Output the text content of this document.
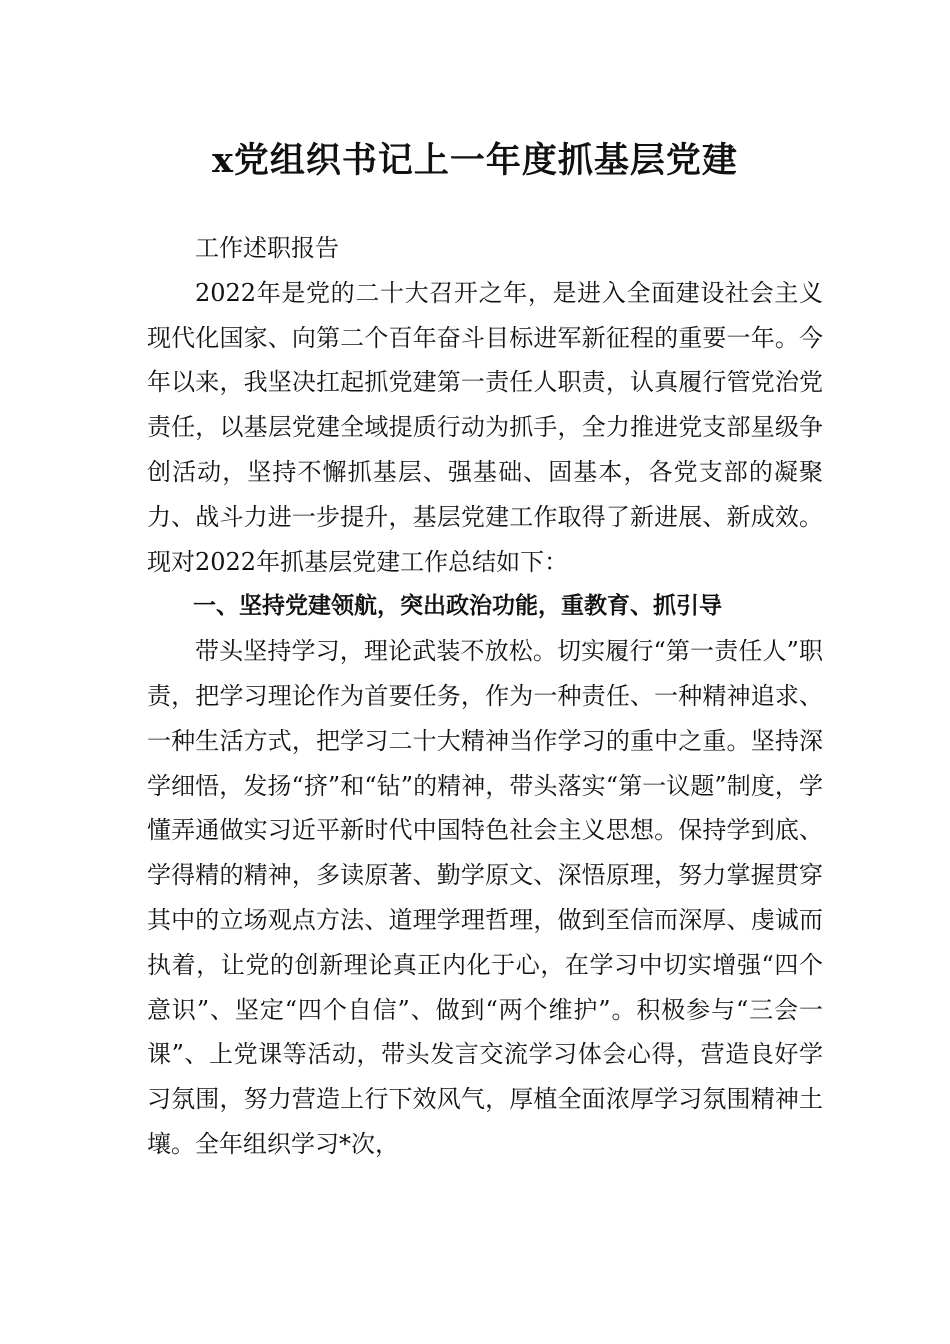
x党组织书记上一年度抓基层党建

工作述职报告

2022年是党的二十大召开之年，是进入全面建设社会主义现代化国家、向第二个百年奋斗目标进军新征程的重要一年。今年以来，我坚决扛起抓党建第一责任人职责，认真履行管党治党责任，以基层党建全域提质行动为抓手，全力推进党支部星级争创活动，坚持不懈抓基层、强基础、固基本，各党支部的凝聚力、战斗力进一步提升，基层党建工作取得了新进展、新成效。现对2022年抓基层党建工作总结如下：

一、坚持党建领航，突出政治功能，重教育、抓引导

带头坚持学习，理论武装不放松。切实履行“第一责任人”职责，把学习理论作为首要任务，作为一种责任、一种精神追求、一种生活方式，把学习二十大精神当作学习的重中之重。坚持深学细悟，发扬“挤”和“钻”的精神，带头落实“第一议题”制度，学懂弄通做实习近平新时代中国特色社会主义思想。保持学到底、学得精的精神，多读原著、勤学原文、深悟原理，努力掌握贯穿其中的立场观点方法、道理学理哲理，做到至信而深厚、虔诚而执着，让党的创新理论真正内化于心，在学习中切实增强“四个意识”、坚定“四个自信”、做到“两个维护”。积极参与“三会一课”、上党课等活动，带头发言交流学习体会心得，营造良好学习氛围，努力营造上行下效风气，厚植全面浓厚学习氛围精神土壤。全年组织学习*次，
